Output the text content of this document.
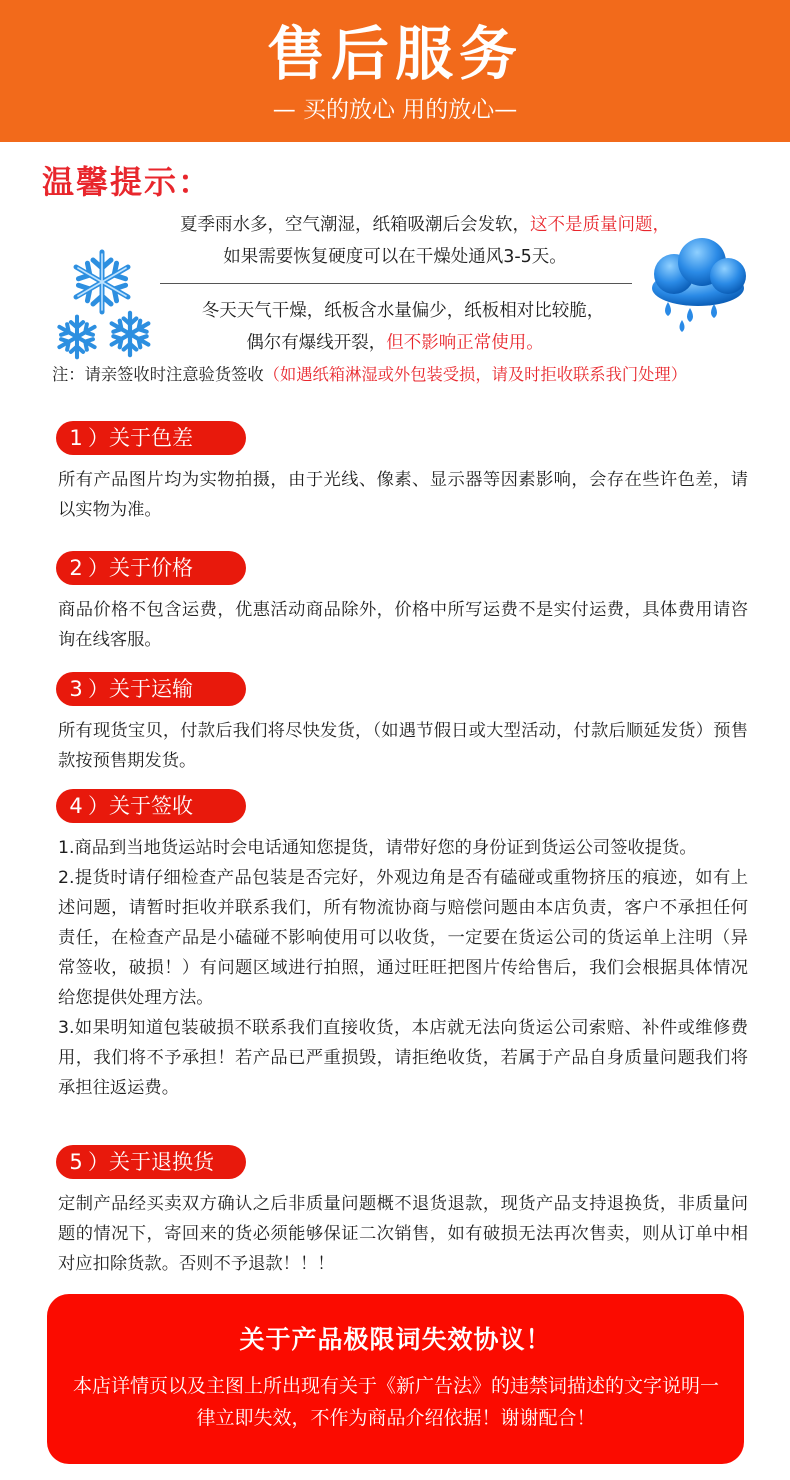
售后服务
— 买的放心 用的放心—
温馨提示：
夏季雨水多，空气潮湿，纸箱吸潮后会发软，这不是质量问题，
如果需要恢复硬度可以在干燥处通风3-5天。
冬天天气干燥，纸板含水量偏少，纸板相对比较脆，
偶尔有爆线开裂，但不影响正常使用。
注：请亲签收时注意验货签收（如遇纸箱淋湿或外包装受损，请及时拒收联系我门处理）
1 ）关于色差

所有产品图片均为实物拍摄，由于光线、像素、显示器等因素影响，会存在些许色差，请以实物为准。

2 ）关于价格

商品价格不包含运费，优惠活动商品除外，价格中所写运费不是实付运费，具体费用请咨询在线客服。

3 ）关于运输

所有现货宝贝，付款后我们将尽快发货，（如遇节假日或大型活动，付款后顺延发货）预售款按预售期发货。

4 ）关于签收

1.商品到当地货运站时会电话通知您提货，请带好您的身份证到货运公司签收提货。

2.提货时请仔细检查产品包装是否完好，外观边角是否有磕碰或重物挤压的痕迹，如有上述问题，请暂时拒收并联系我们，所有物流协商与赔偿问题由本店负责，客户不承担任何责任，在检查产品是小磕碰不影响使用可以收货，一定要在货运公司的货运单上注明（异常签收，破损！）有问题区域进行拍照，通过旺旺把图片传给售后，我们会根据具体情况给您提供处理方法。

3.如果明知道包装破损不联系我们直接收货，本店就无法向货运公司索赔、补件或维修费用，我们将不予承担！若产品已严重损毁，请拒绝收货，若属于产品自身质量问题我们将承担往返运费。

5 ）关于退换货

定制产品经买卖双方确认之后非质量问题概不退货退款，现货产品支持退换货，非质量问题的情况下，寄回来的货必须能够保证二次销售，如有破损无法再次售卖，则从订单中相对应扣除货款。否则不予退款！！！

关于产品极限词失效协议！
本店详情页以及主图上所出现有关于《新广告法》的违禁词描述的文字说明一律立即失效，不作为商品介绍依据！谢谢配合！
